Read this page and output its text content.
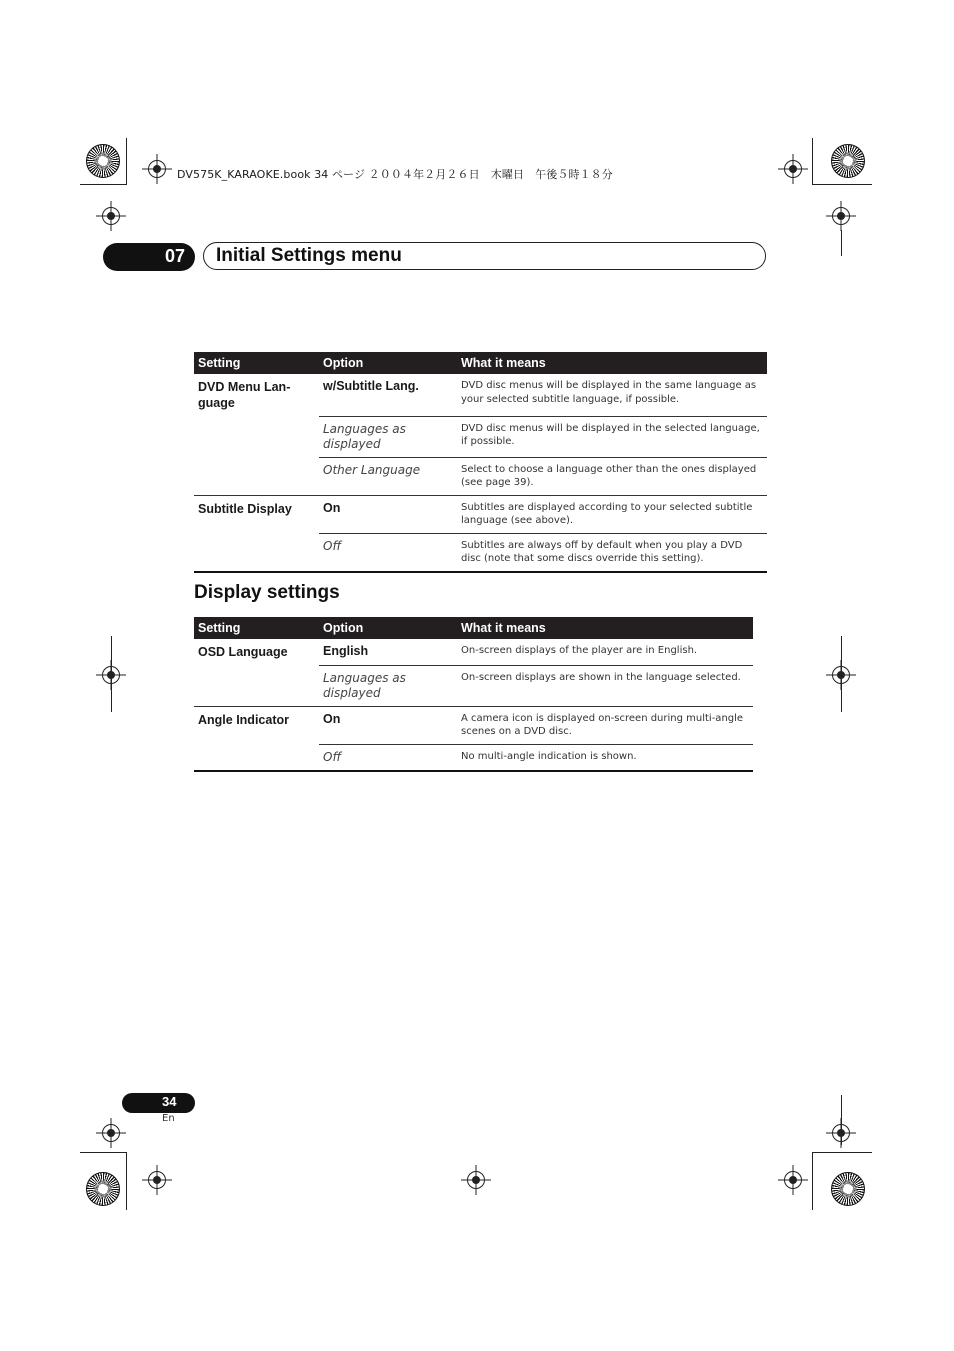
DV575K_KARAOKE.book 34 ページ ２００４年２月２６日　木曜日　午後５時１８分
07 Initial Settings menu
Setting	Option	What it means
DVD Menu Lan-
guage	w/Subtitle Lang.	DVD disc menus will be displayed in the same language as your selected subtitle language, if possible.
	Languages as displayed	DVD disc menus will be displayed in the selected language, if possible.
	Other Language	Select to choose a language other than the ones displayed (see page 39).
Subtitle Display	On	Subtitles are displayed according to your selected subtitle language (see above).
	Off	Subtitles are always off by default when you play a DVD disc (note that some discs override this setting).
Display settings
Setting	Option	What it means
OSD Language	English	On-screen displays of the player are in English.
	Languages as displayed	On-screen displays are shown in the language selected.
Angle Indicator	On	A camera icon is displayed on-screen during multi-angle scenes on a DVD disc.
	Off	No multi-angle indication is shown.
34
En
